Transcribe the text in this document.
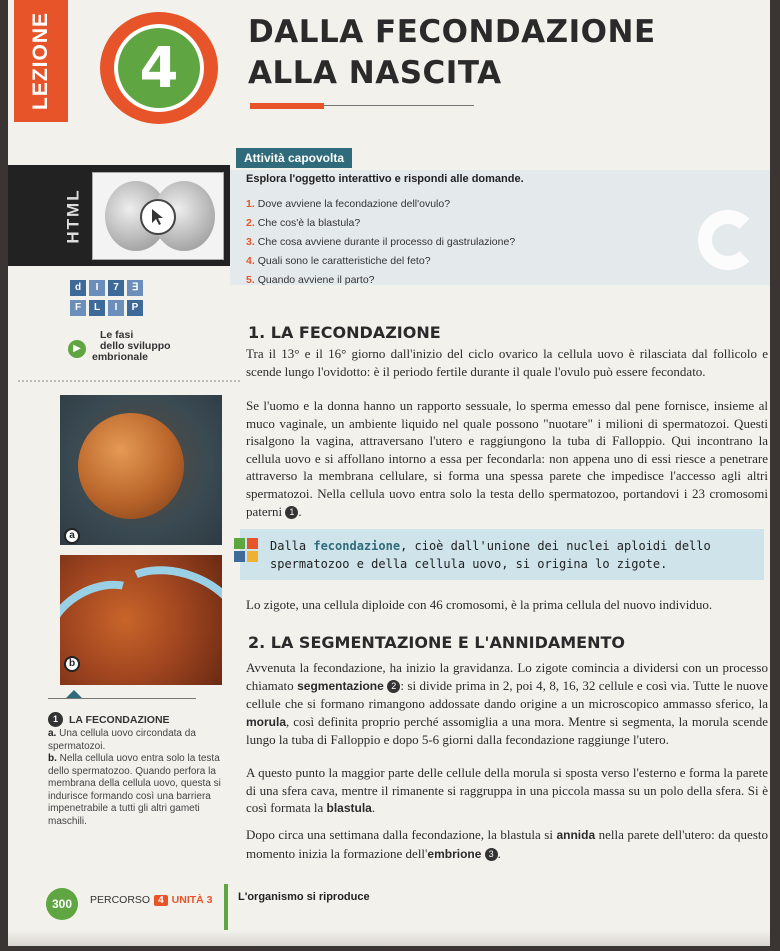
LEZIONE 4
DALLA FECONDAZIONE
ALLA NASCITA
Attività capovolta
HTML
Esplora l'oggetto interattivo e rispondi alle domande.
1. Dove avviene la fecondazione dell'ovulo?
2. Che cos'è la blastula?
3. Che cosa avviene durante il processo di gastrulazione?
4. Quali sono le caratteristiche del feto?
5. Quando avviene il parto?
d	I	7	∃
F	L	I	P
▶
Le fasi
dello sviluppo
embrionale
a
b
1	LA FECONDAZIONE

a. Una cellula uovo circondata da spermatozoi.

b. Nella cellula uovo entra solo la testa dello spermatozoo. Quando perfora la membrana della cellula uovo, questa si indurisce formando così una barriera impenetrabile a tutti gli altri gameti maschili.

1. LA FECONDAZIONE

Tra il 13° e il 16° giorno dall'inizio del ciclo ovarico la cellula uovo è rilasciata dal follicolo e scende lungo l'ovidotto: è il periodo fertile durante il quale l'ovulo può essere fecondato.

Se l'uomo e la donna hanno un rapporto sessuale, lo sperma emesso dal pene fornisce, insieme al muco vaginale, un ambiente liquido nel quale possono "nuotare" i milioni di spermatozoi. Questi risalgono la vagina, attraversano l'utero e raggiungono la tuba di Falloppio. Qui incontrano la cellula uovo e si affollano intorno a essa per fecondarla: non appena uno di essi riesce a penetrare attraverso la membrana cellulare, si forma una spessa parete che impedisce l'accesso agli altri spermatozoi. Nella cellula uovo entra solo la testa dello spermatozoo, portandovi i 23 cromosomi paterni 1 .

Dalla fecondazione, cioè dall'unione dei nuclei aploidi dello spermatozoo e della cellula uovo, si origina lo zigote.

Lo zigote, una cellula diploide con 46 cromosomi, è la prima cellula del nuovo individuo.

2. LA SEGMENTAZIONE E L'ANNIDAMENTO

Avvenuta la fecondazione, ha inizio la gravidanza. Lo zigote comincia a dividersi con un processo chiamato segmentazione 2 : si divide prima in 2, poi 4, 8, 16, 32 cellule e così via. Tutte le nuove cellule che si formano rimangono addossate dando origine a un microscopico ammasso sferico, la morula, così definita proprio perché assomiglia a una mora. Mentre si segmenta, la morula scende lungo la tuba di Falloppio e dopo 5-6 giorni dalla fecondazione raggiunge l'utero.

A questo punto la maggior parte delle cellule della morula si sposta verso l'esterno e forma la parete di una sfera cava, mentre il rimanente si raggruppa in una piccola massa su un polo della sfera. Si è così formata la blastula.

Dopo circa una settimana dalla fecondazione, la blastula si annida nella parete dell'utero: da questo momento inizia la formazione dell'embrione 3 .

300	PERCORSO 4 UNITÀ 3 L'organismo si riproduce
